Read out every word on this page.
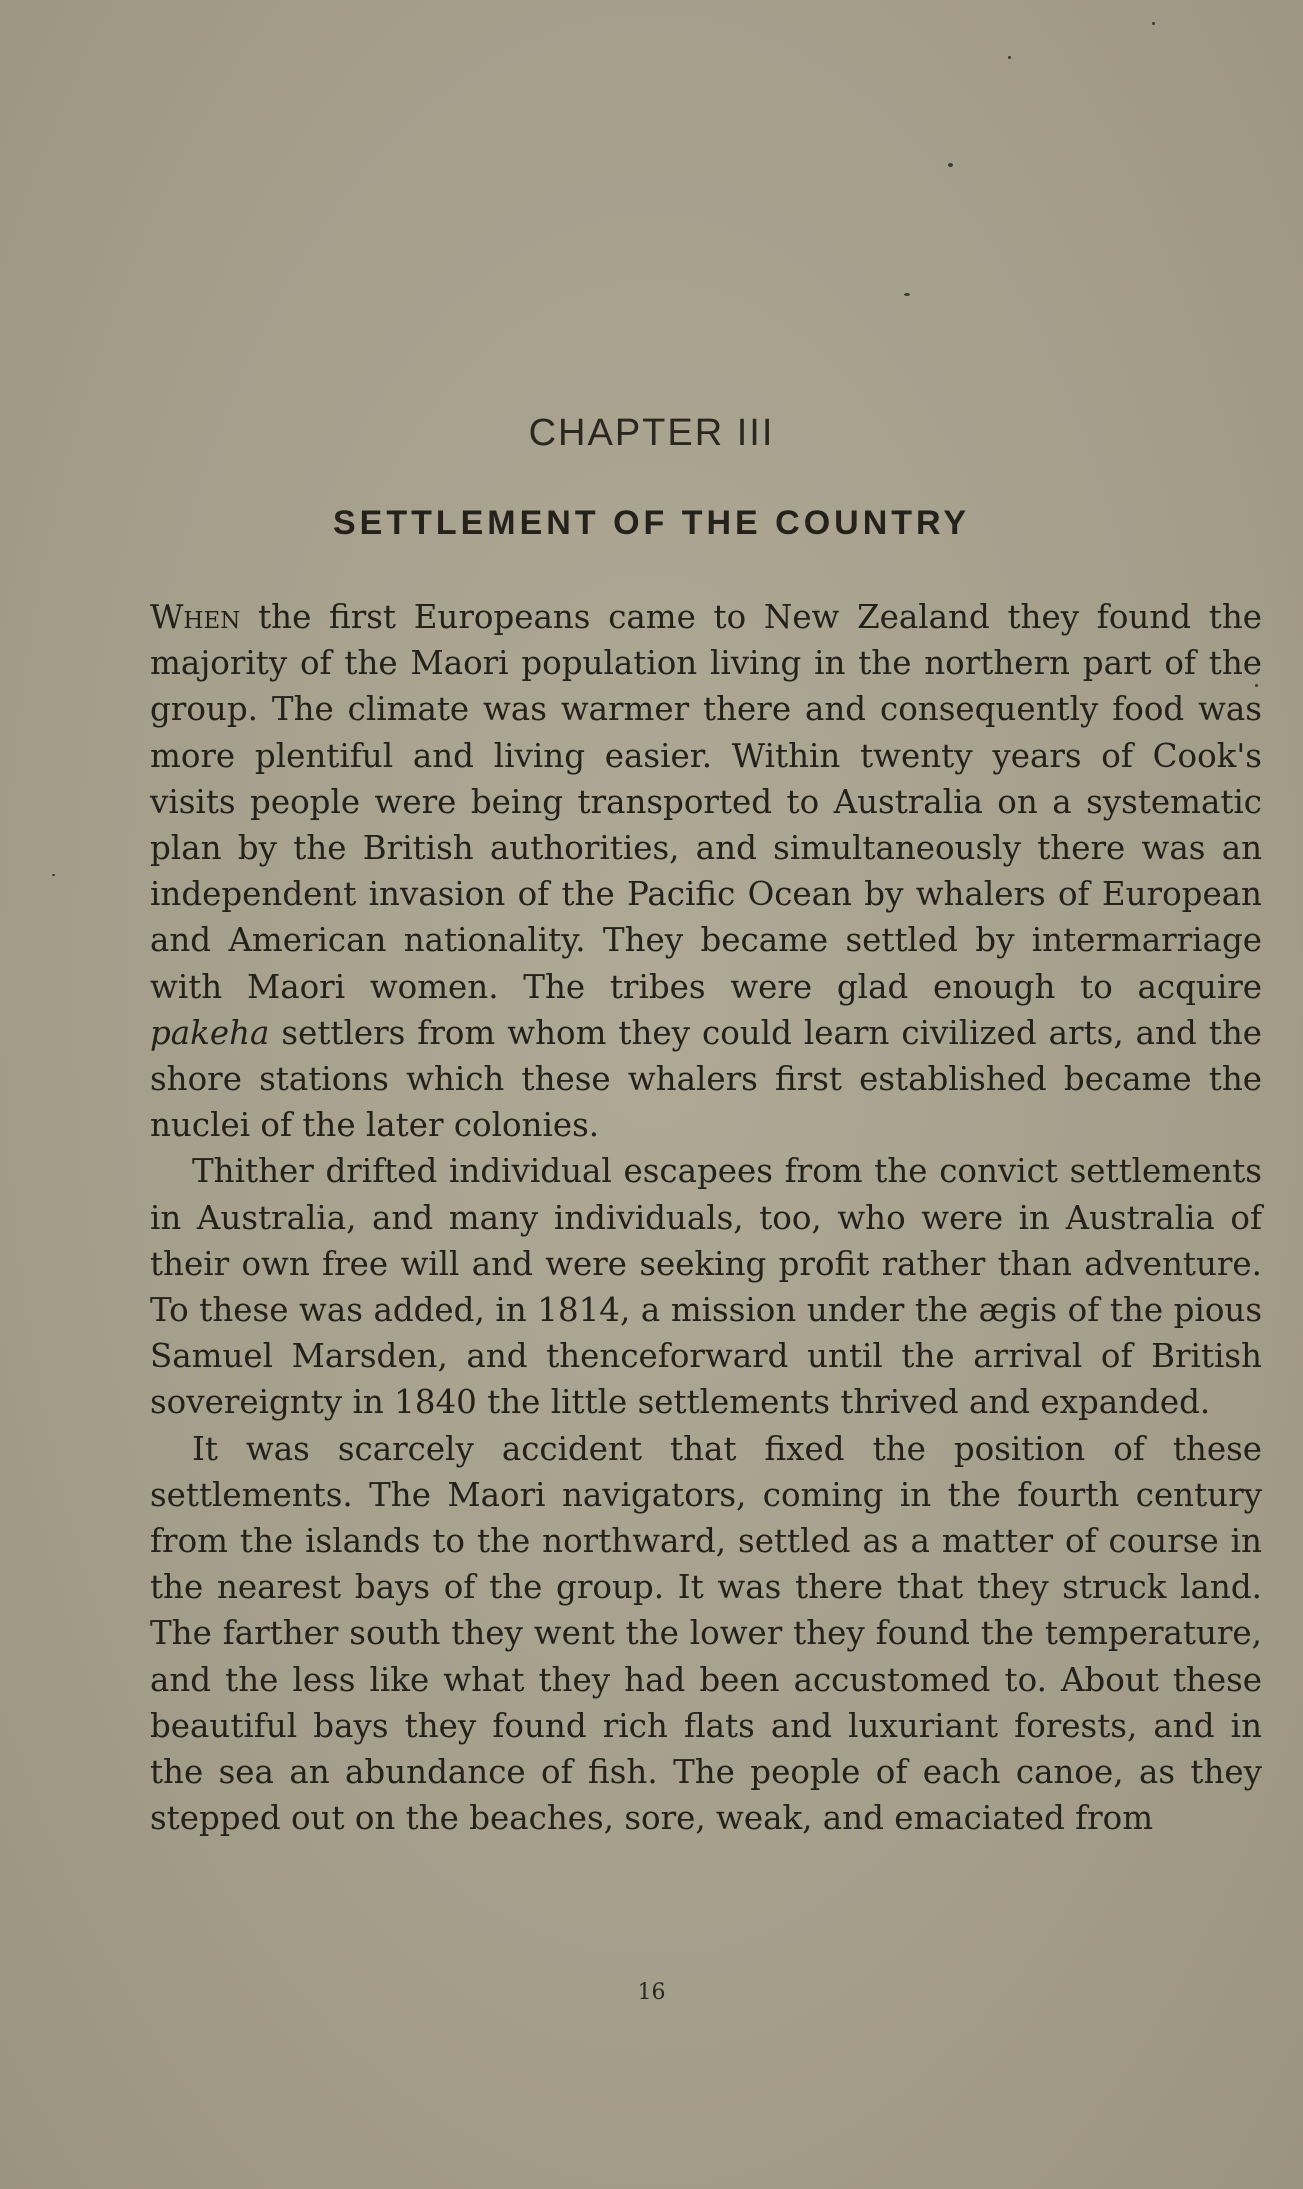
CHAPTER III
SETTLEMENT OF THE COUNTRY

When the first Europeans came to New Zealand they found the majority of the Maori population living in the northern part of the group. The climate was warmer there and consequently food was more plentiful and living easier. Within twenty years of Cook's visits people were being transported to Australia on a systematic plan by the British authorities, and simultaneously there was an independent invasion of the Pacific Ocean by whalers of European and American nationality. They became settled by intermarriage with Maori women. The tribes were glad enough to acquire pakeha settlers from whom they could learn civilized arts, and the shore stations which these whalers first established became the nuclei of the later colonies.

Thither drifted individual escapees from the convict settlements in Australia, and many individuals, too, who were in Australia of their own free will and were seeking profit rather than adventure. To these was added, in 1814, a mission under the ægis of the pious Samuel Marsden, and thenceforward until the arrival of British sovereignty in 1840 the little settlements thrived and expanded.

It was scarcely accident that fixed the position of these settlements. The Maori navigators, coming in the fourth century from the islands to the northward, settled as a matter of course in the nearest bays of the group. It was there that they struck land. The farther south they went the lower they found the temperature, and the less like what they had been accustomed to. About these beautiful bays they found rich flats and luxuriant forests, and in the sea an abundance of fish. The people of each canoe, as they stepped out on the beaches, sore, weak, and emaciated from

16
